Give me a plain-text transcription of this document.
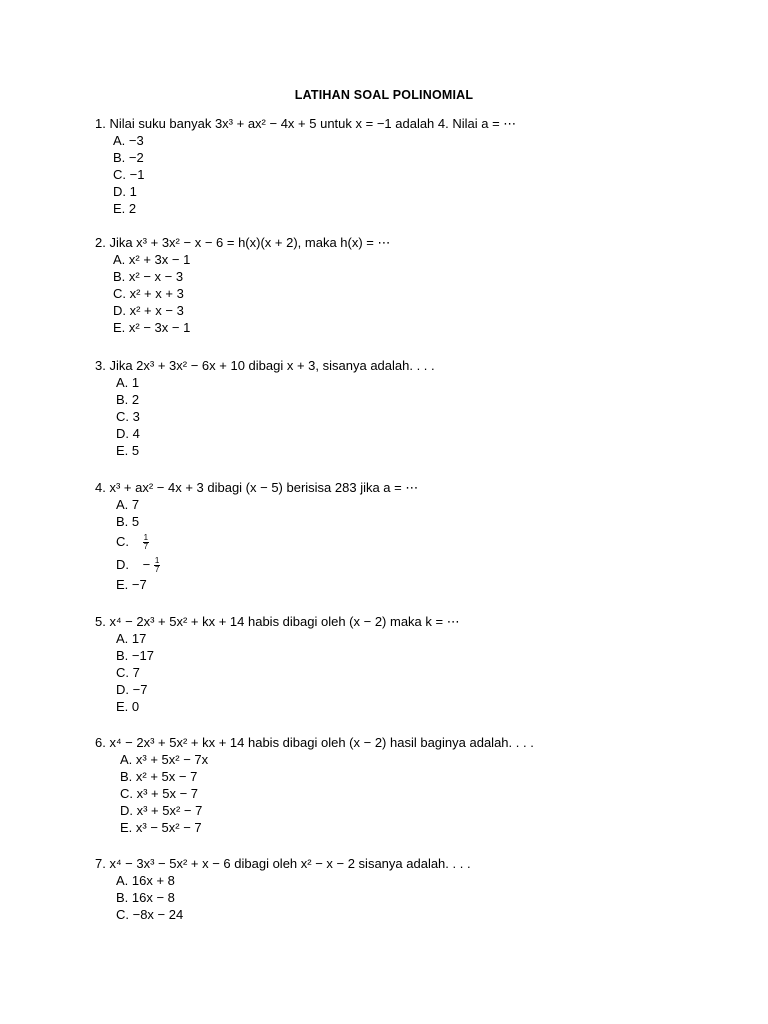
LATIHAN SOAL POLINOMIAL
1. Nilai suku banyak 3x³ + ax² − 4x + 5 untuk x = −1 adalah 4. Nilai a = ⋯
A. −3
B. −2
C. −1
D. 1
E. 2
2. Jika x³ + 3x² − x − 6 = h(x)(x + 2), maka h(x) = ⋯
A. x² + 3x − 1
B. x² − x − 3
C. x² + x + 3
D. x² + x − 3
E. x² − 3x − 1
3. Jika 2x³ + 3x² − 6x + 10 dibagi x + 3, sisanya adalah. . . .
A. 1
B. 2
C. 3
D. 4
E. 5
4. x³ + ax² − 4x + 3 dibagi (x − 5) berisisa 283 jika a = ⋯
A. 7
B. 5
C. $\frac{1}{7}$
D. − $\frac{1}{7}$
E. −7
5. x⁴ − 2x³ + 5x² + kx + 14 habis dibagi oleh (x − 2) maka k = ⋯
A. 17
B. −17
C. 7
D. −7
E. 0
6. x⁴ − 2x³ + 5x² + kx + 14 habis dibagi oleh (x − 2) hasil baginya adalah. . . .
A. x³ + 5x² − 7x
B. x² + 5x − 7
C. x³ + 5x − 7
D. x³ + 5x² − 7
E. x³ − 5x² − 7
7. x⁴ − 3x³ − 5x² + x − 6 dibagi oleh x² − x − 2 sisanya adalah. . . .
A. 16x + 8
B. 16x − 8
C. −8x − 24
